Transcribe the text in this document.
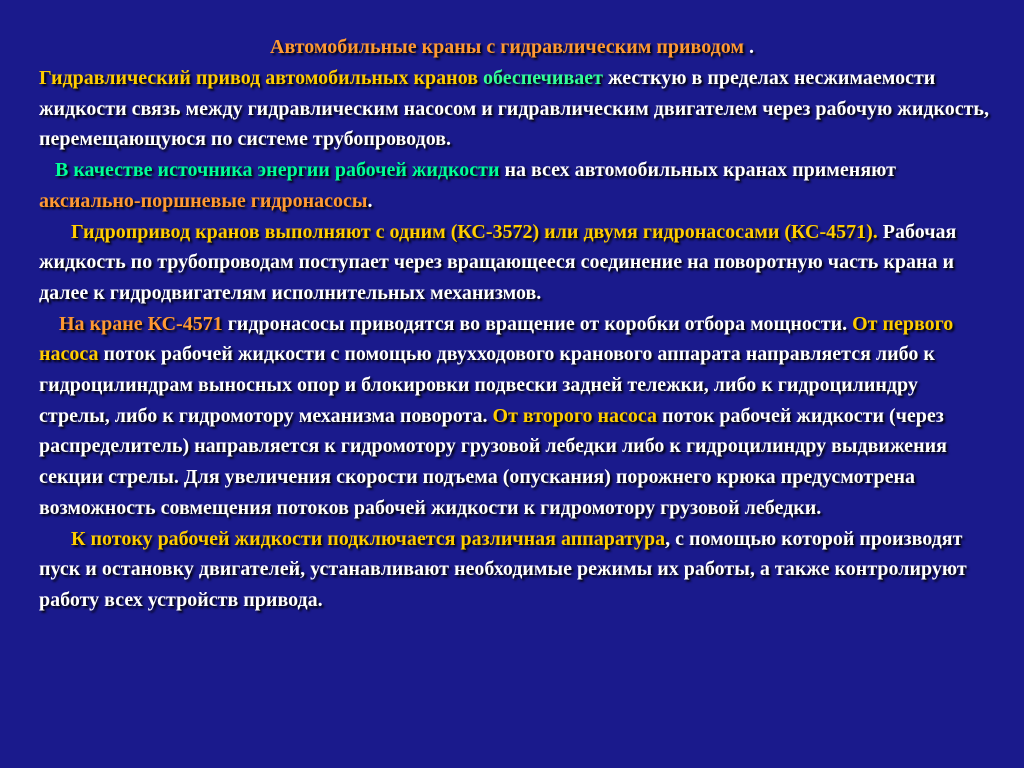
Автомобильные краны с гидравлическим приводом .

Гидравлический привод автомобильных кранов обеспечивает жесткую в пределах несжимаемости жидкости связь между гидравлическим насосом и гидравлическим двигателем через рабочую жидкость, перемещающуюся по системе трубопроводов.

В качестве источника энергии рабочей жидкости на всех автомобильных кранах применяют аксиально-поршневые гидронасосы.

Гидропривод кранов выполняют с одним (КС-3572) или двумя гидронасосами (КС-4571). Рабочая жидкость по трубопроводам поступает через вращающееся соединение на поворотную часть крана и далее к гидродвигателям исполнительных механизмов.

На кране КС-4571 гидронасосы приводятся во вращение от коробки отбора мощности. От первого насоса поток рабочей жидкости с помощью двухходового кранового аппарата направляется либо к гидроцилиндрам выносных опор и блокировки подвески задней тележки, либо к гидроцилиндру стрелы, либо к гидромотору механизма поворота. От второго насоса поток рабочей жидкости (через распределитель) направляется к гидромотору грузовой лебедки либо к гидроцилиндру выдвижения секции стрелы. Для увеличения скорости подъема (опускания) порожнего крюка предусмотрена возможность совмещения потоков рабочей жидкости к гидромотору грузовой лебедки.

К потоку рабочей жидкости подключается различная аппаратура, с помощью которой производят пуск и остановку двигателей, устанавливают необходимые режимы их работы, а также контролируют работу всех устройств привода.
